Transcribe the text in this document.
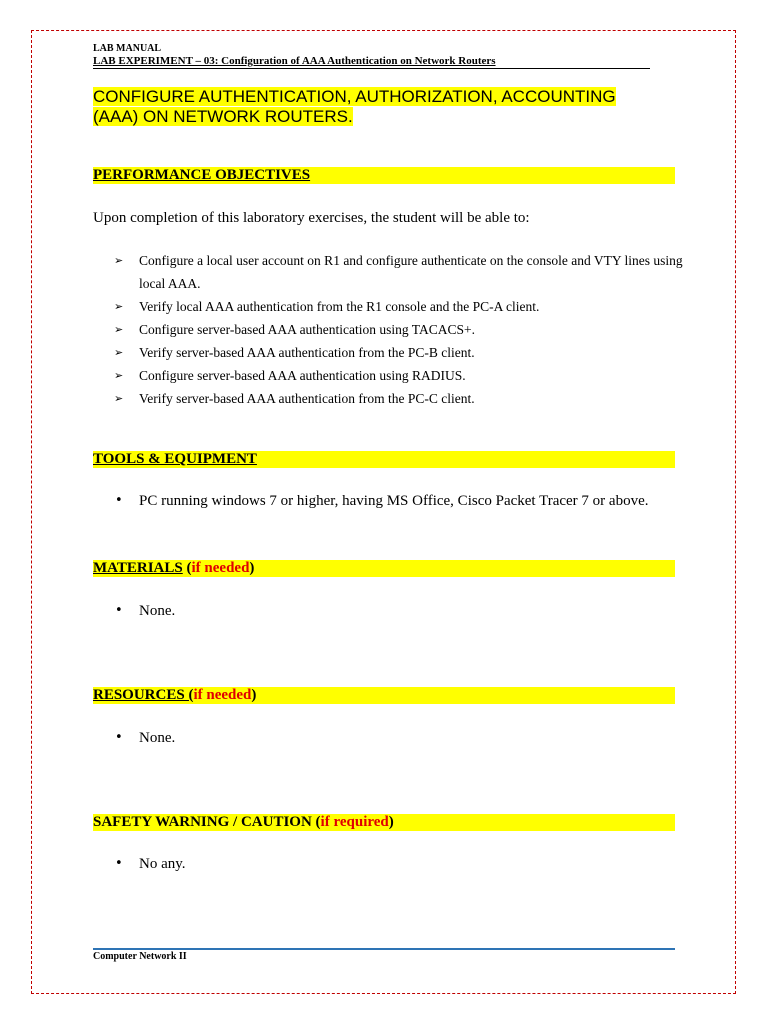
LAB MANUAL
LAB EXPERIMENT – 03: Configuration of AAA Authentication on Network Routers
CONFIGURE AUTHENTICATION, AUTHORIZATION, ACCOUNTING (AAA) ON NETWORK ROUTERS.
PERFORMANCE OBJECTIVES
Upon completion of this laboratory exercises, the student will be able to:
➢ Configure a local user account on R1 and configure authenticate on the console and VTY lines using local AAA.
➢ Verify local AAA authentication from the R1 console and the PC-A client.
➢ Configure server-based AAA authentication using TACACS+.
➢ Verify server-based AAA authentication from the PC-B client.
➢ Configure server-based AAA authentication using RADIUS.
➢ Verify server-based AAA authentication from the PC-C client.
TOOLS & EQUIPMENT
• PC running windows 7 or higher, having MS Office, Cisco Packet Tracer 7 or above.
MATERIALS (if needed)
• None.
RESOURCES (if needed)
• None.
SAFETY WARNING / CAUTION (if required)
• No any.
Computer Network II
